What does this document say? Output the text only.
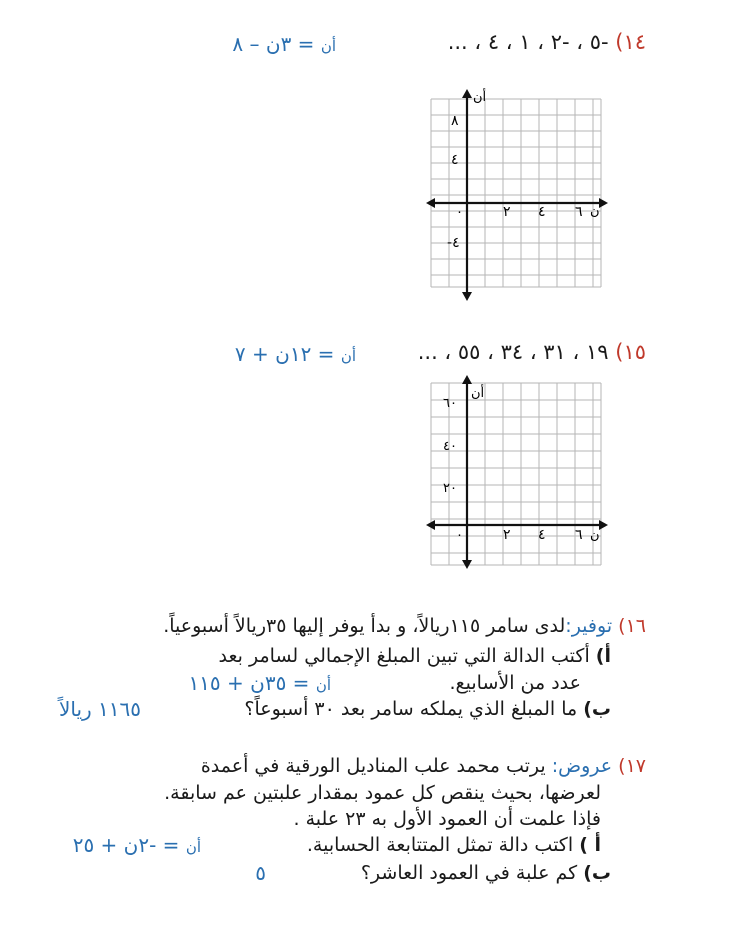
١٤) -٥ ، -٢ ، ١ ، ٤ ، ...
أن = ٣ن – ٨
أن
ن
٨
٤
-٤
٢ ٤ ٦
٠
١٥) ١٩ ، ٣١ ، ٣٤ ، ٥٥ ، ...
أن = ١٢ن + ٧
أن
ن
٦٠
٤٠
٢٠
٢ ٤ ٦
٠
١٦) توفير:لدى سامر ١١٥ريالاً، و بدأ يوفر إليها ٣٥ريالاً أسبوعياً.
أ) أكتب الدالة التي تبين المبلغ الإجمالي لسامر بعد
عدد من الأسابيع.
أن = ٣٥ن + ١١٥
ب) ما المبلغ الذي يملكه سامر بعد ٣٠ أسبوعاً؟
١١٦٥ ريالاً
١٧) عروض: يرتب محمد علب المناديل الورقية في أعمدة
لعرضها، بحيث ينقص كل عمود بمقدار علبتين عم سابقة.
فإذا علمت أن العمود الأول به ٢٣ علبة .
أ ) اكتب دالة تمثل المتتابعة الحسابية.
أن = -٢ن + ٢٥
ب) كم علبة في العمود العاشر؟
٥
